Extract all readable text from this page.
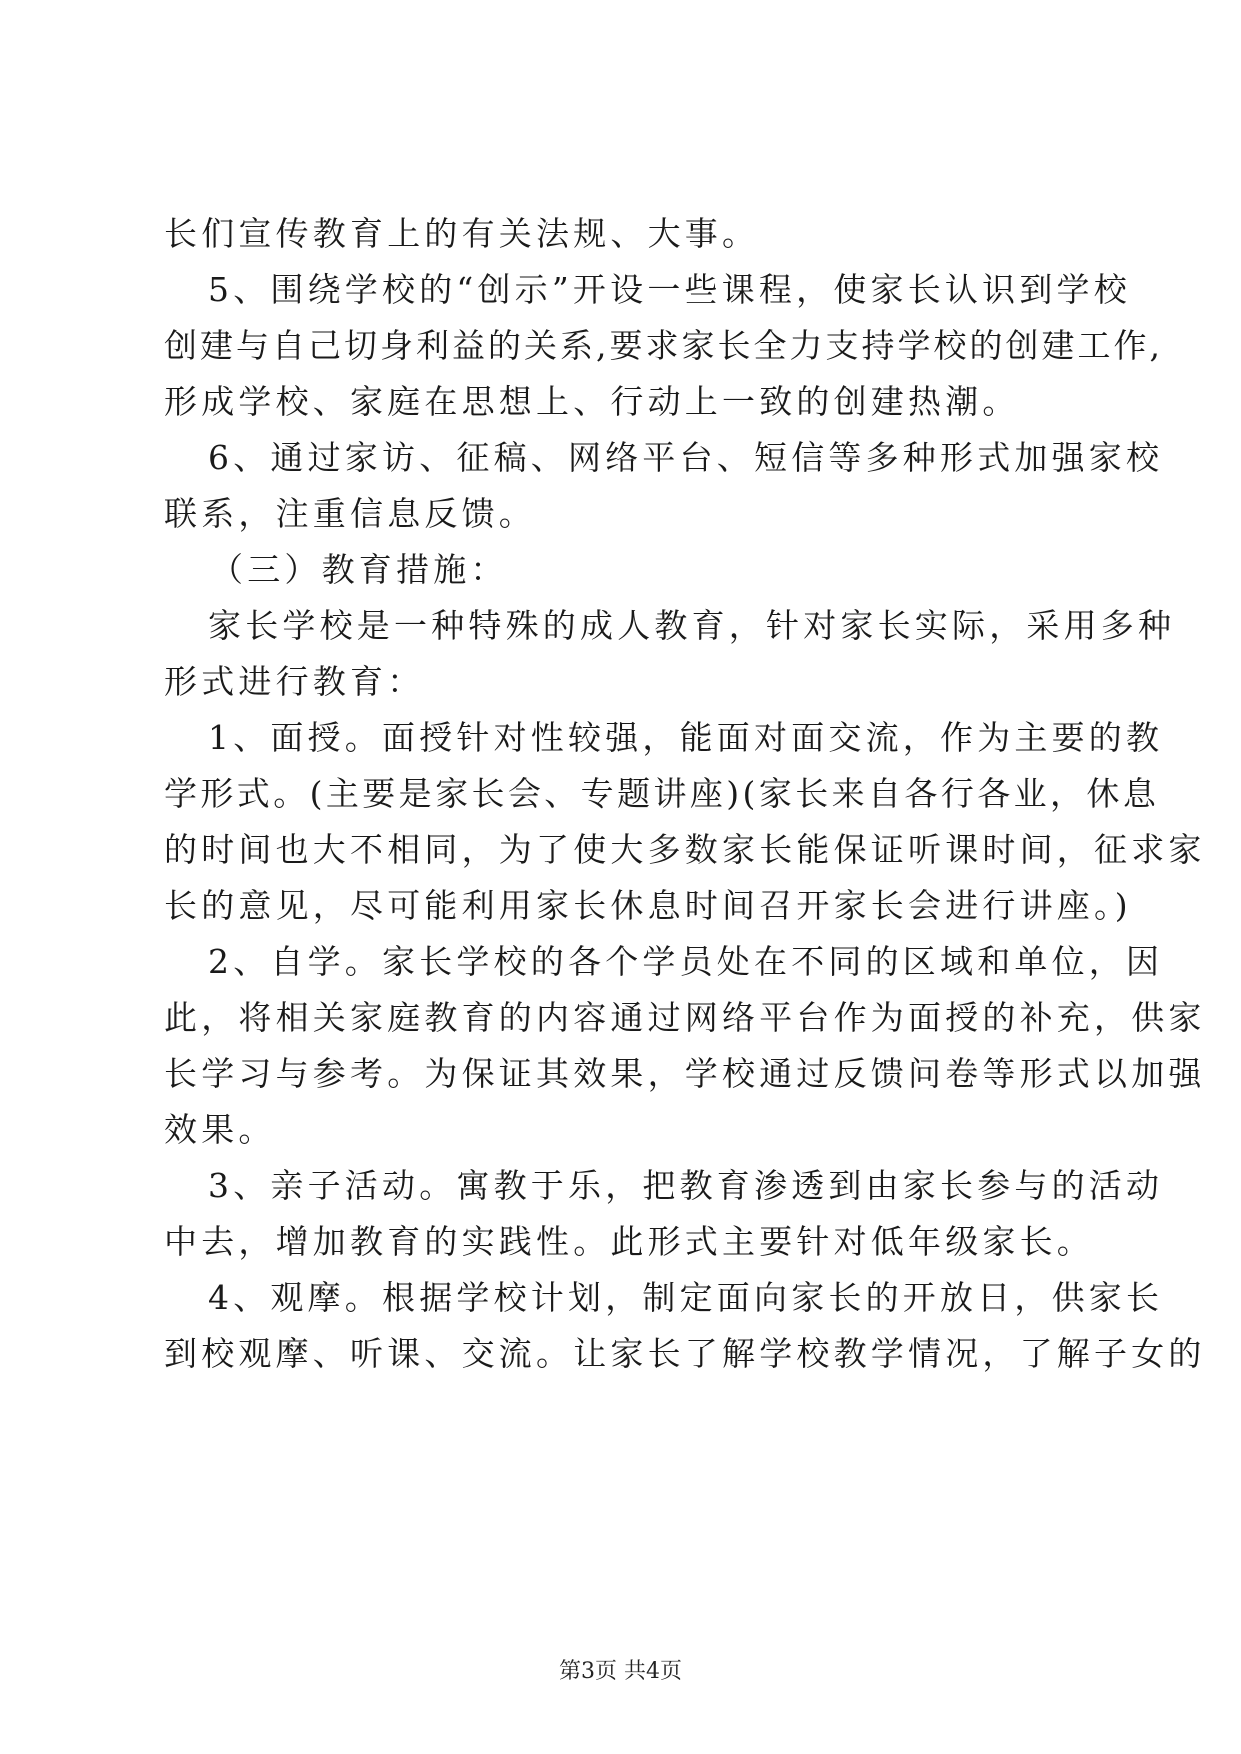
长们宣传教育上的有关法规、大事。
5、围绕学校的“创示”开设一些课程，使家长认识到学校
创建与自己切身利益的关系,要求家长全力支持学校的创建工作,
形成学校、家庭在思想上、行动上一致的创建热潮。
6、通过家访、征稿、网络平台、短信等多种形式加强家校
联系，注重信息反馈。
（三）教育措施：
家长学校是一种特殊的成人教育，针对家长实际，采用多种
形式进行教育：
1、面授。面授针对性较强，能面对面交流，作为主要的教
学形式。(主要是家长会、专题讲座)(家长来自各行各业，休息
的时间也大不相同，为了使大多数家长能保证听课时间，征求家
长的意见，尽可能利用家长休息时间召开家长会进行讲座。)
2、自学。家长学校的各个学员处在不同的区域和单位，因
此，将相关家庭教育的内容通过网络平台作为面授的补充，供家
长学习与参考。为保证其效果，学校通过反馈问卷等形式以加强
效果。
3、亲子活动。寓教于乐，把教育渗透到由家长参与的活动
中去，增加教育的实践性。此形式主要针对低年级家长。
4、观摩。根据学校计划，制定面向家长的开放日，供家长
到校观摩、听课、交流。让家长了解学校教学情况，了解子女的
第3页 共4页
